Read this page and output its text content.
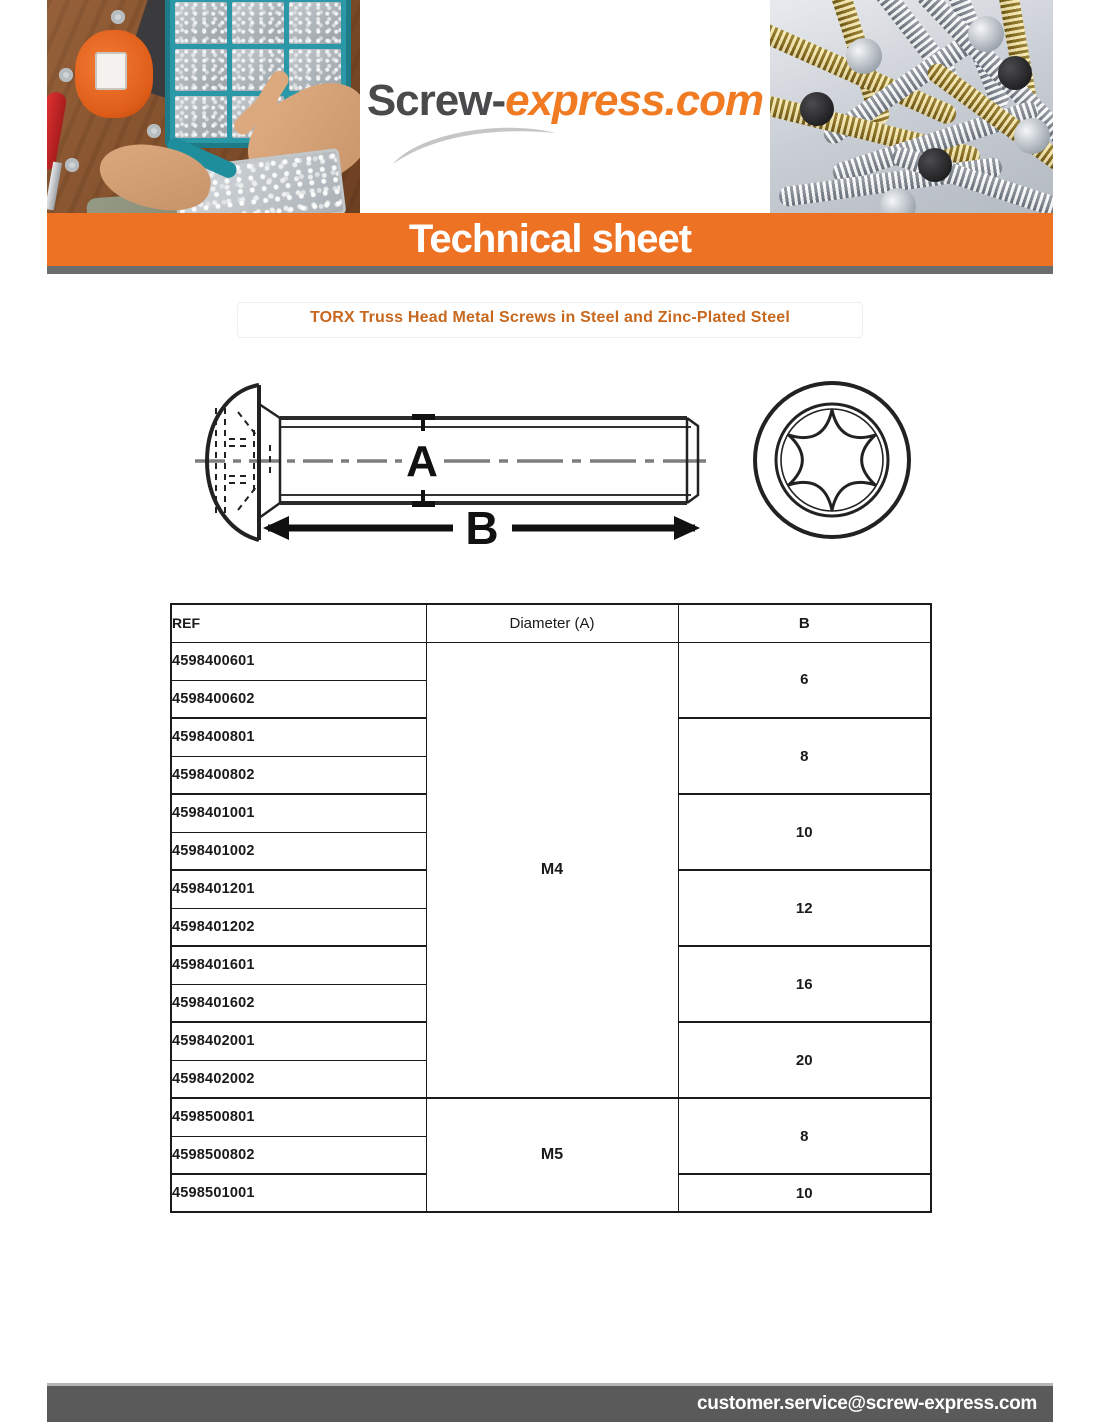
Screw-express.com
Technical sheet
TORX Truss Head Metal Screws in Steel and Zinc-Plated Steel
A
B
REF	Diameter (A)	B
4598400601	M4	6
4598400602		
4598400801		8
4598400802		
4598401001		10
4598401002		
4598401201		12
4598401202		
4598401601		16
4598401602		
4598402001		20
4598402002		
4598500801	M5	8
4598500802		
4598501001		10
customer.service@screw-express.com
